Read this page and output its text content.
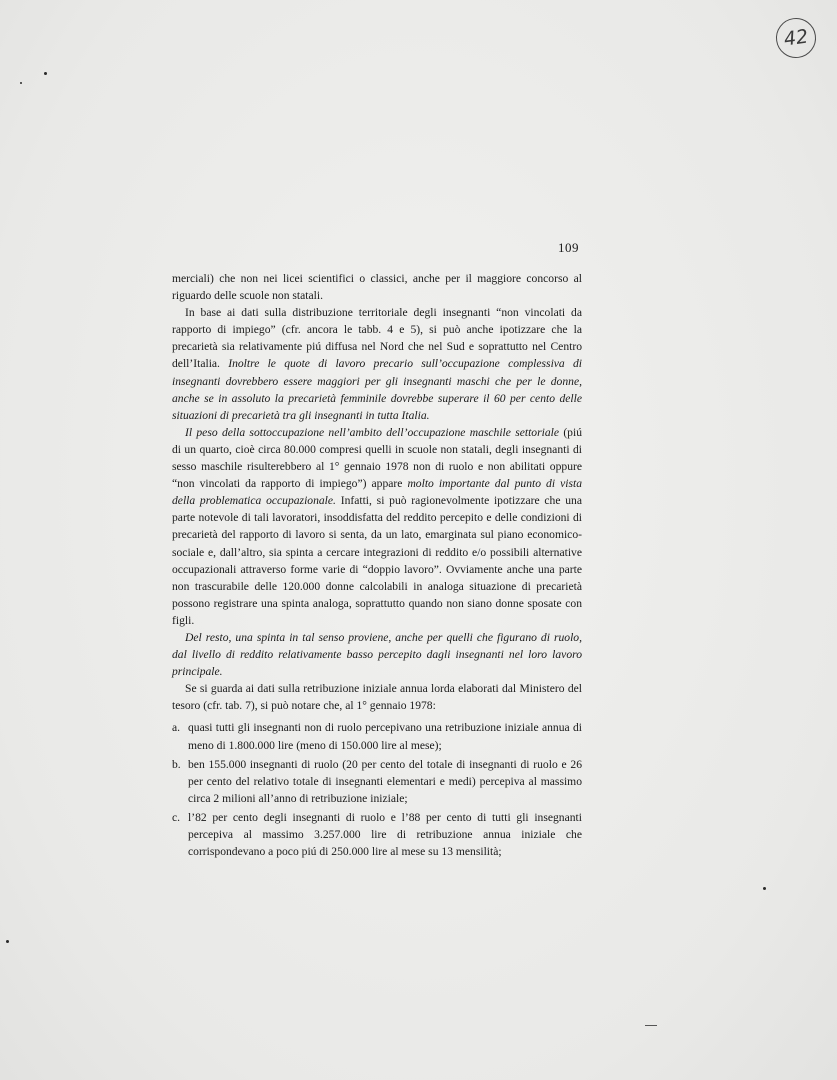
42
109

merciali) che non nei licei scientifici o classici, anche per il maggiore concorso al riguardo delle scuole non statali.

In base ai dati sulla distribuzione territoriale degli insegnanti “non vincolati da rapporto di impiego” (cfr. ancora le tabb. 4 e 5), si può anche ipotizzare che la precarietà sia relativamente piú diffusa nel Nord che nel Sud e soprattutto nel Centro dell’Italia. Inoltre le quote di lavoro precario sull’occupazione complessiva di insegnanti dovrebbero essere maggiori per gli insegnanti maschi che per le donne, anche se in assoluto la precarietà femminile dovrebbe superare il 60 per cento delle situazioni di precarietà tra gli insegnanti in tutta Italia.

Il peso della sottoccupazione nell’ambito dell’occupazione maschile settoriale (piú di un quarto, cioè circa 80.000 compresi quelli in scuole non statali, degli insegnanti di sesso maschile risulterebbero al 1° gennaio 1978 non di ruolo e non abilitati oppure “non vincolati da rapporto di impiego”) appare molto importante dal punto di vista della problematica occupazionale. Infatti, si può ragionevolmente ipotizzare che una parte notevole di tali lavoratori, insoddisfatta del reddito percepito e delle condizioni di precarietà del rapporto di lavoro si senta, da un lato, emarginata sul piano economico-sociale e, dall’altro, sia spinta a cercare integrazioni di reddito e/o possibili alternative occupazionali attraverso forme varie di “doppio lavoro”. Ovviamente anche una parte non trascurabile delle 120.000 donne calcolabili in analoga situazione di precarietà possono registrare una spinta analoga, soprattutto quando non siano donne sposate con figli.

Del resto, una spinta in tal senso proviene, anche per quelli che figurano di ruolo, dal livello di reddito relativamente basso percepito dagli insegnanti nel loro lavoro principale.

Se si guarda ai dati sulla retribuzione iniziale annua lorda elaborati dal Ministero del tesoro (cfr. tab. 7), si può notare che, al 1° gennaio 1978:

a. quasi tutti gli insegnanti non di ruolo percepivano una retribuzione iniziale annua di meno di 1.800.000 lire (meno di 150.000 lire al mese);
b. ben 155.000 insegnanti di ruolo (20 per cento del totale di insegnanti di ruolo e 26 per cento del relativo totale di insegnanti elementari e medi) percepiva al massimo circa 2 milioni all’anno di retribuzione iniziale;
c. l’82 per cento degli insegnanti di ruolo e l’88 per cento di tutti gli insegnanti percepiva al massimo 3.257.000 lire di retribuzione annua iniziale che corrispondevano a poco piú di 250.000 lire al mese su 13 mensilità;
